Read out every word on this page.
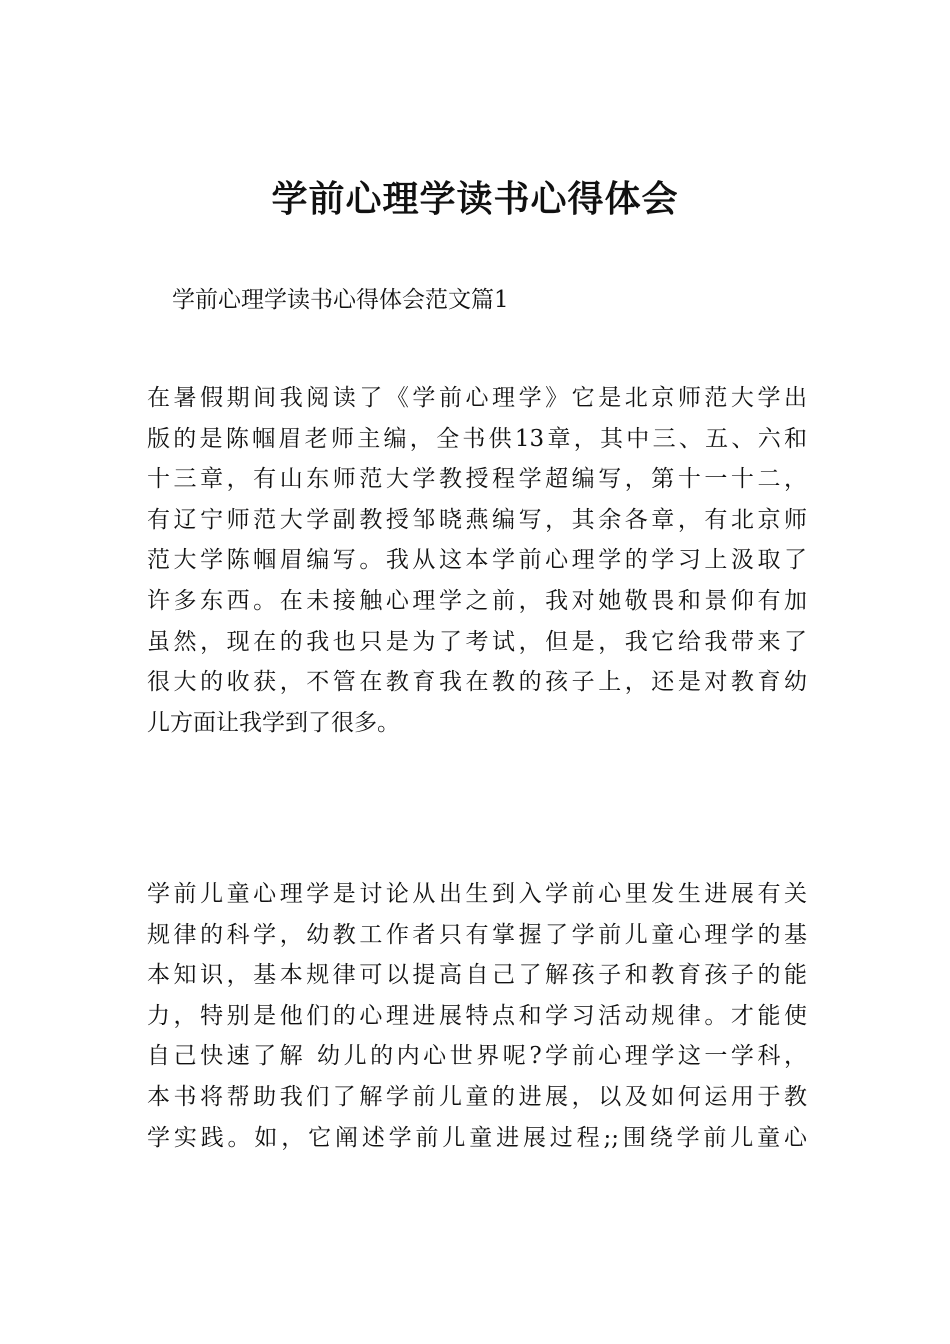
学前心理学读书心得体会

学前心理学读书心得体会范文篇1

在暑假期间我阅读了《学前心理学》它是北京师范大学出
版的是陈帼眉老师主编，全书供13章，其中三、五、六和
十三章，有山东师范大学教授程学超编写，第十一十二，
有辽宁师范大学副教授邹晓燕编写，其余各章，有北京师
范大学陈帼眉编写。我从这本学前心理学的学习上汲取了
许多东西。在未接触心理学之前，我对她敬畏和景仰有加
虽然，现在的我也只是为了考试，但是，我它给我带来了
很大的收获，不管在教育我在教的孩子上，还是对教育幼
儿方面让我学到了很多。

学前儿童心理学是讨论从出生到入学前心里发生进展有关
规律的科学，幼教工作者只有掌握了学前儿童心理学的基
本知识，基本规律可以提高自己了解孩子和教育孩子的能
力，特别是他们的心理进展特点和学习活动规律。才能使
自己快速了解 幼儿的内心世界呢?学前心理学这一学科，
本书将帮助我们了解学前儿童的进展，以及如何运用于教
学实践。如，它阐述学前儿童进展过程;;围绕学前儿童心
